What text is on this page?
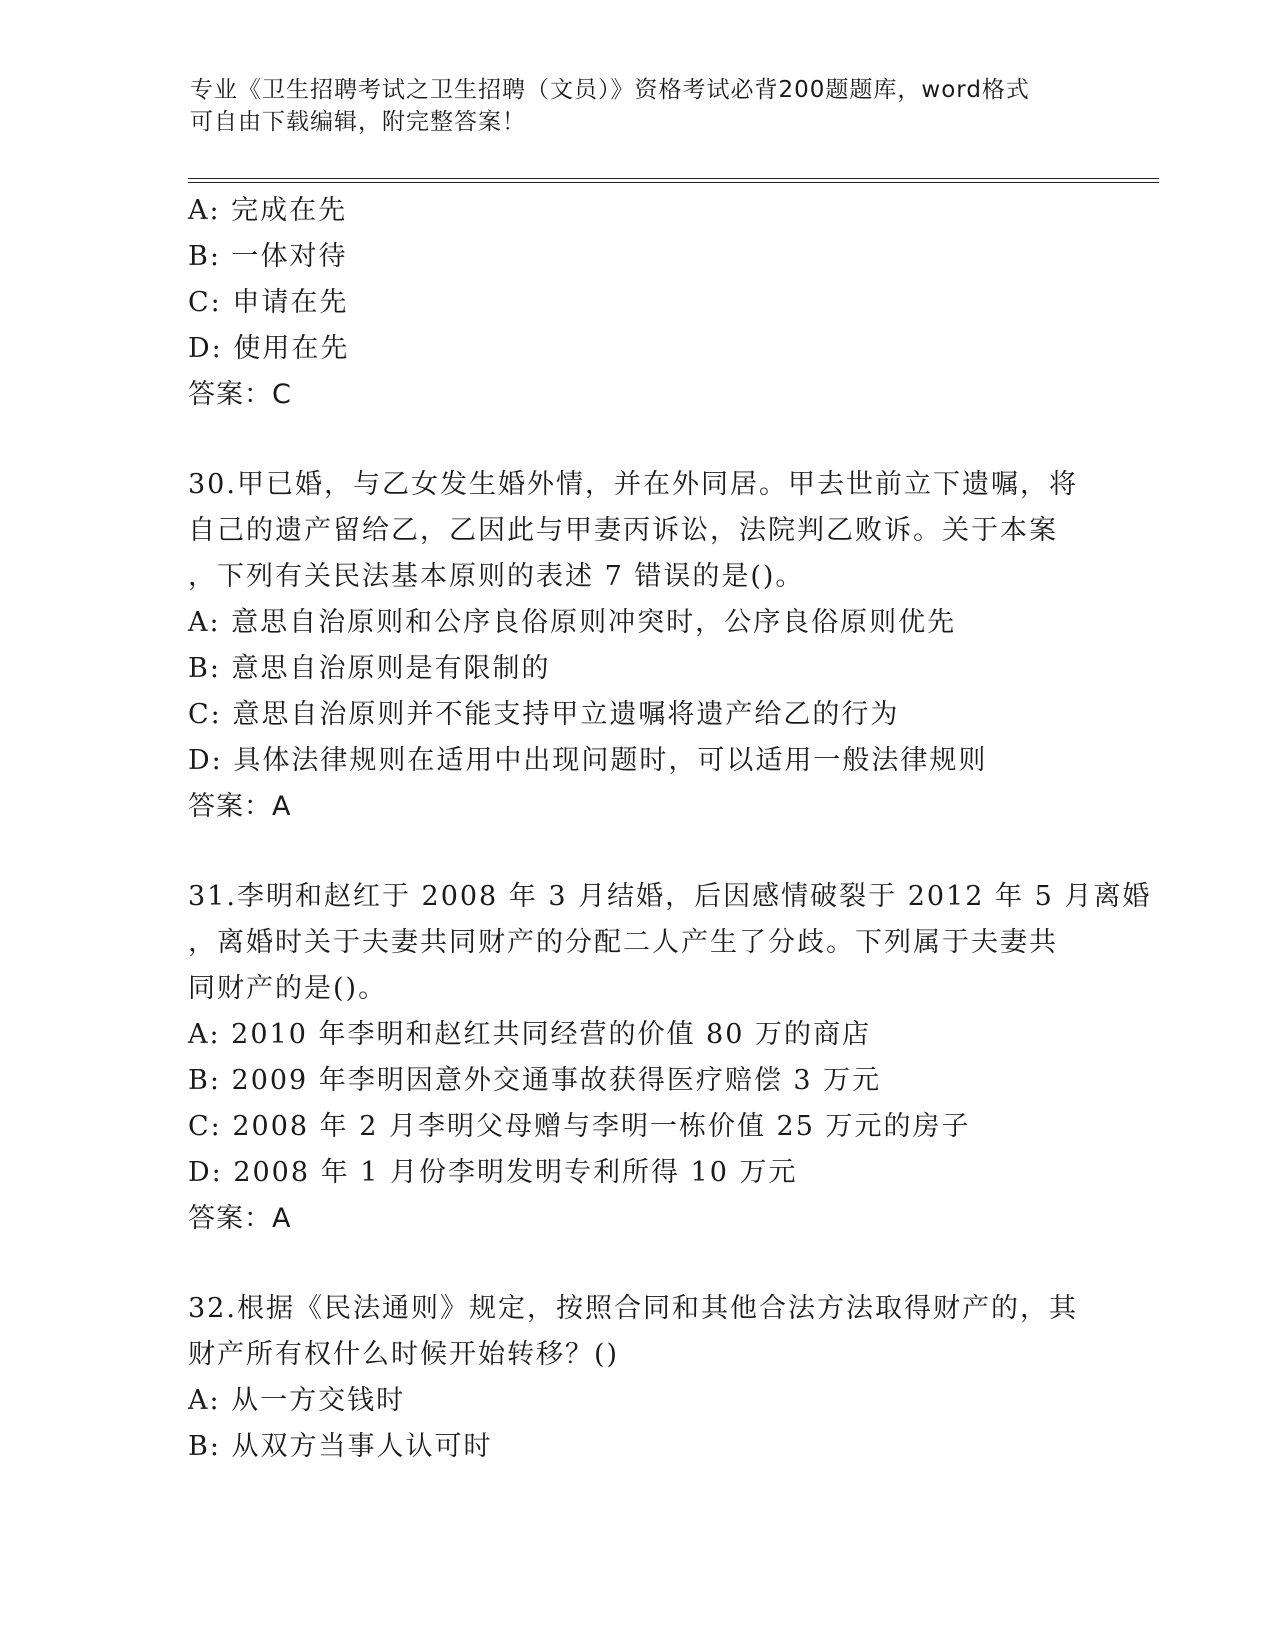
专业《卫生招聘考试之卫生招聘（文员）》资格考试必背200题题库，word格式
可自由下载编辑，附完整答案！
A: 完成在先
B: 一体对待
C: 申请在先
D: 使用在先
答案：C
30.甲已婚，与乙女发生婚外情，并在外同居。甲去世前立下遗嘱，将
自己的遗产留给乙，乙因此与甲妻丙诉讼，法院判乙败诉。关于本案
，下列有关民法基本原则的表述 7 错误的是()。
A: 意思自治原则和公序良俗原则冲突时，公序良俗原则优先
B: 意思自治原则是有限制的
C: 意思自治原则并不能支持甲立遗嘱将遗产给乙的行为
D: 具体法律规则在适用中出现问题时，可以适用一般法律规则
答案：A
31.李明和赵红于 2008 年 3 月结婚，后因感情破裂于 2012 年 5 月离婚
，离婚时关于夫妻共同财产的分配二人产生了分歧。下列属于夫妻共
同财产的是()。
A: 2010 年李明和赵红共同经营的价值 80 万的商店
B: 2009 年李明因意外交通事故获得医疗赔偿 3 万元
C: 2008 年 2 月李明父母赠与李明一栋价值 25 万元的房子
D: 2008 年 1 月份李明发明专利所得 10 万元
答案：A
32.根据《民法通则》规定，按照合同和其他合法方法取得财产的，其
财产所有权什么时候开始转移？()
A: 从一方交钱时
B: 从双方当事人认可时
